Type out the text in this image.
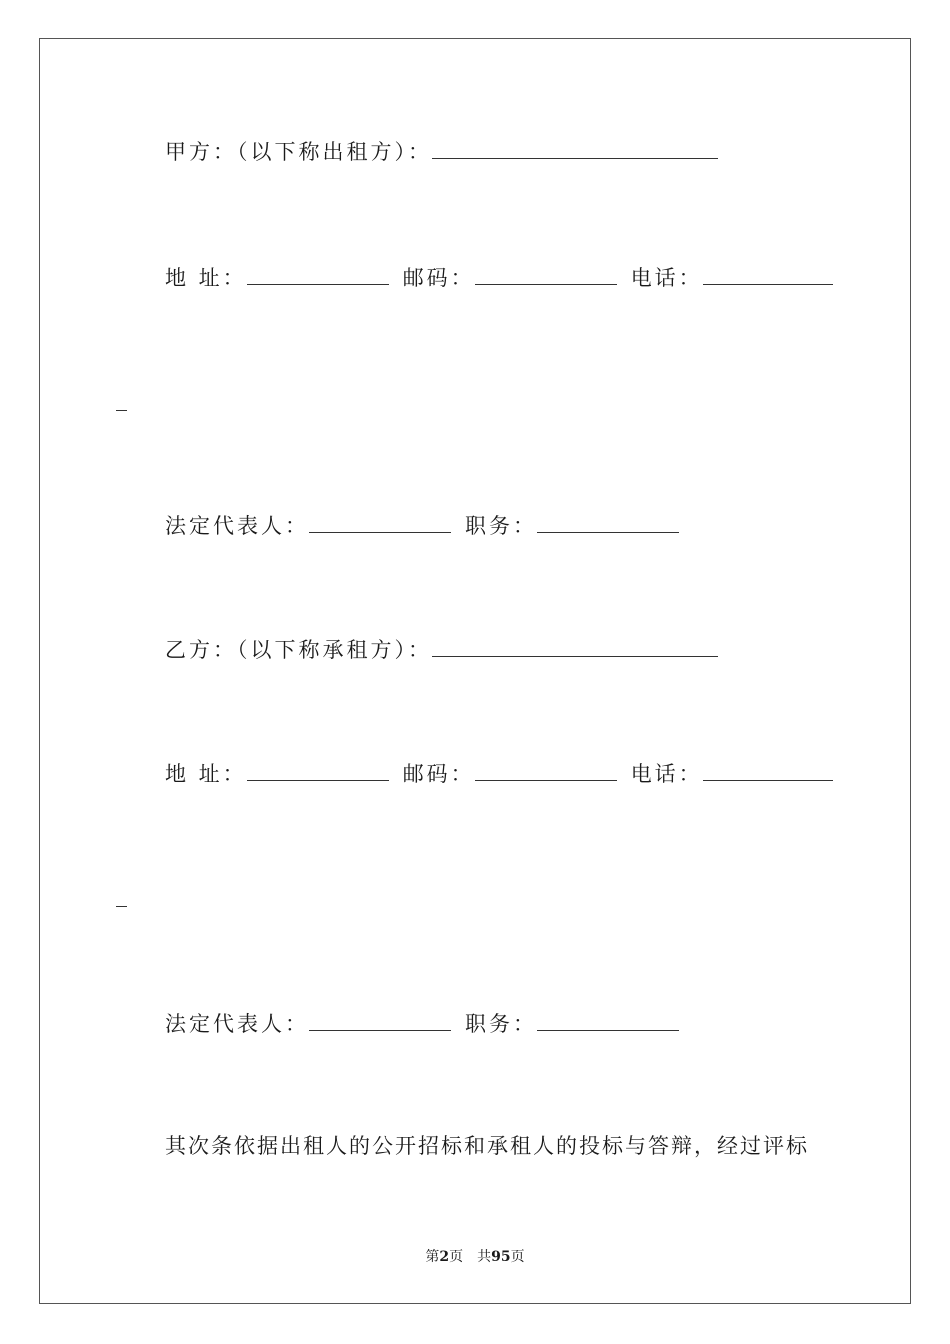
甲方：（以下称出租方）：
地 址：	邮码：	电话：
法定代表人：	职务：
乙方：（以下称承租方）：
地 址：	邮码：	电话：
法定代表人：	职务：
其次条依据出租人的公开招标和承租人的投标与答辩，经过评标
第2页　共95页
